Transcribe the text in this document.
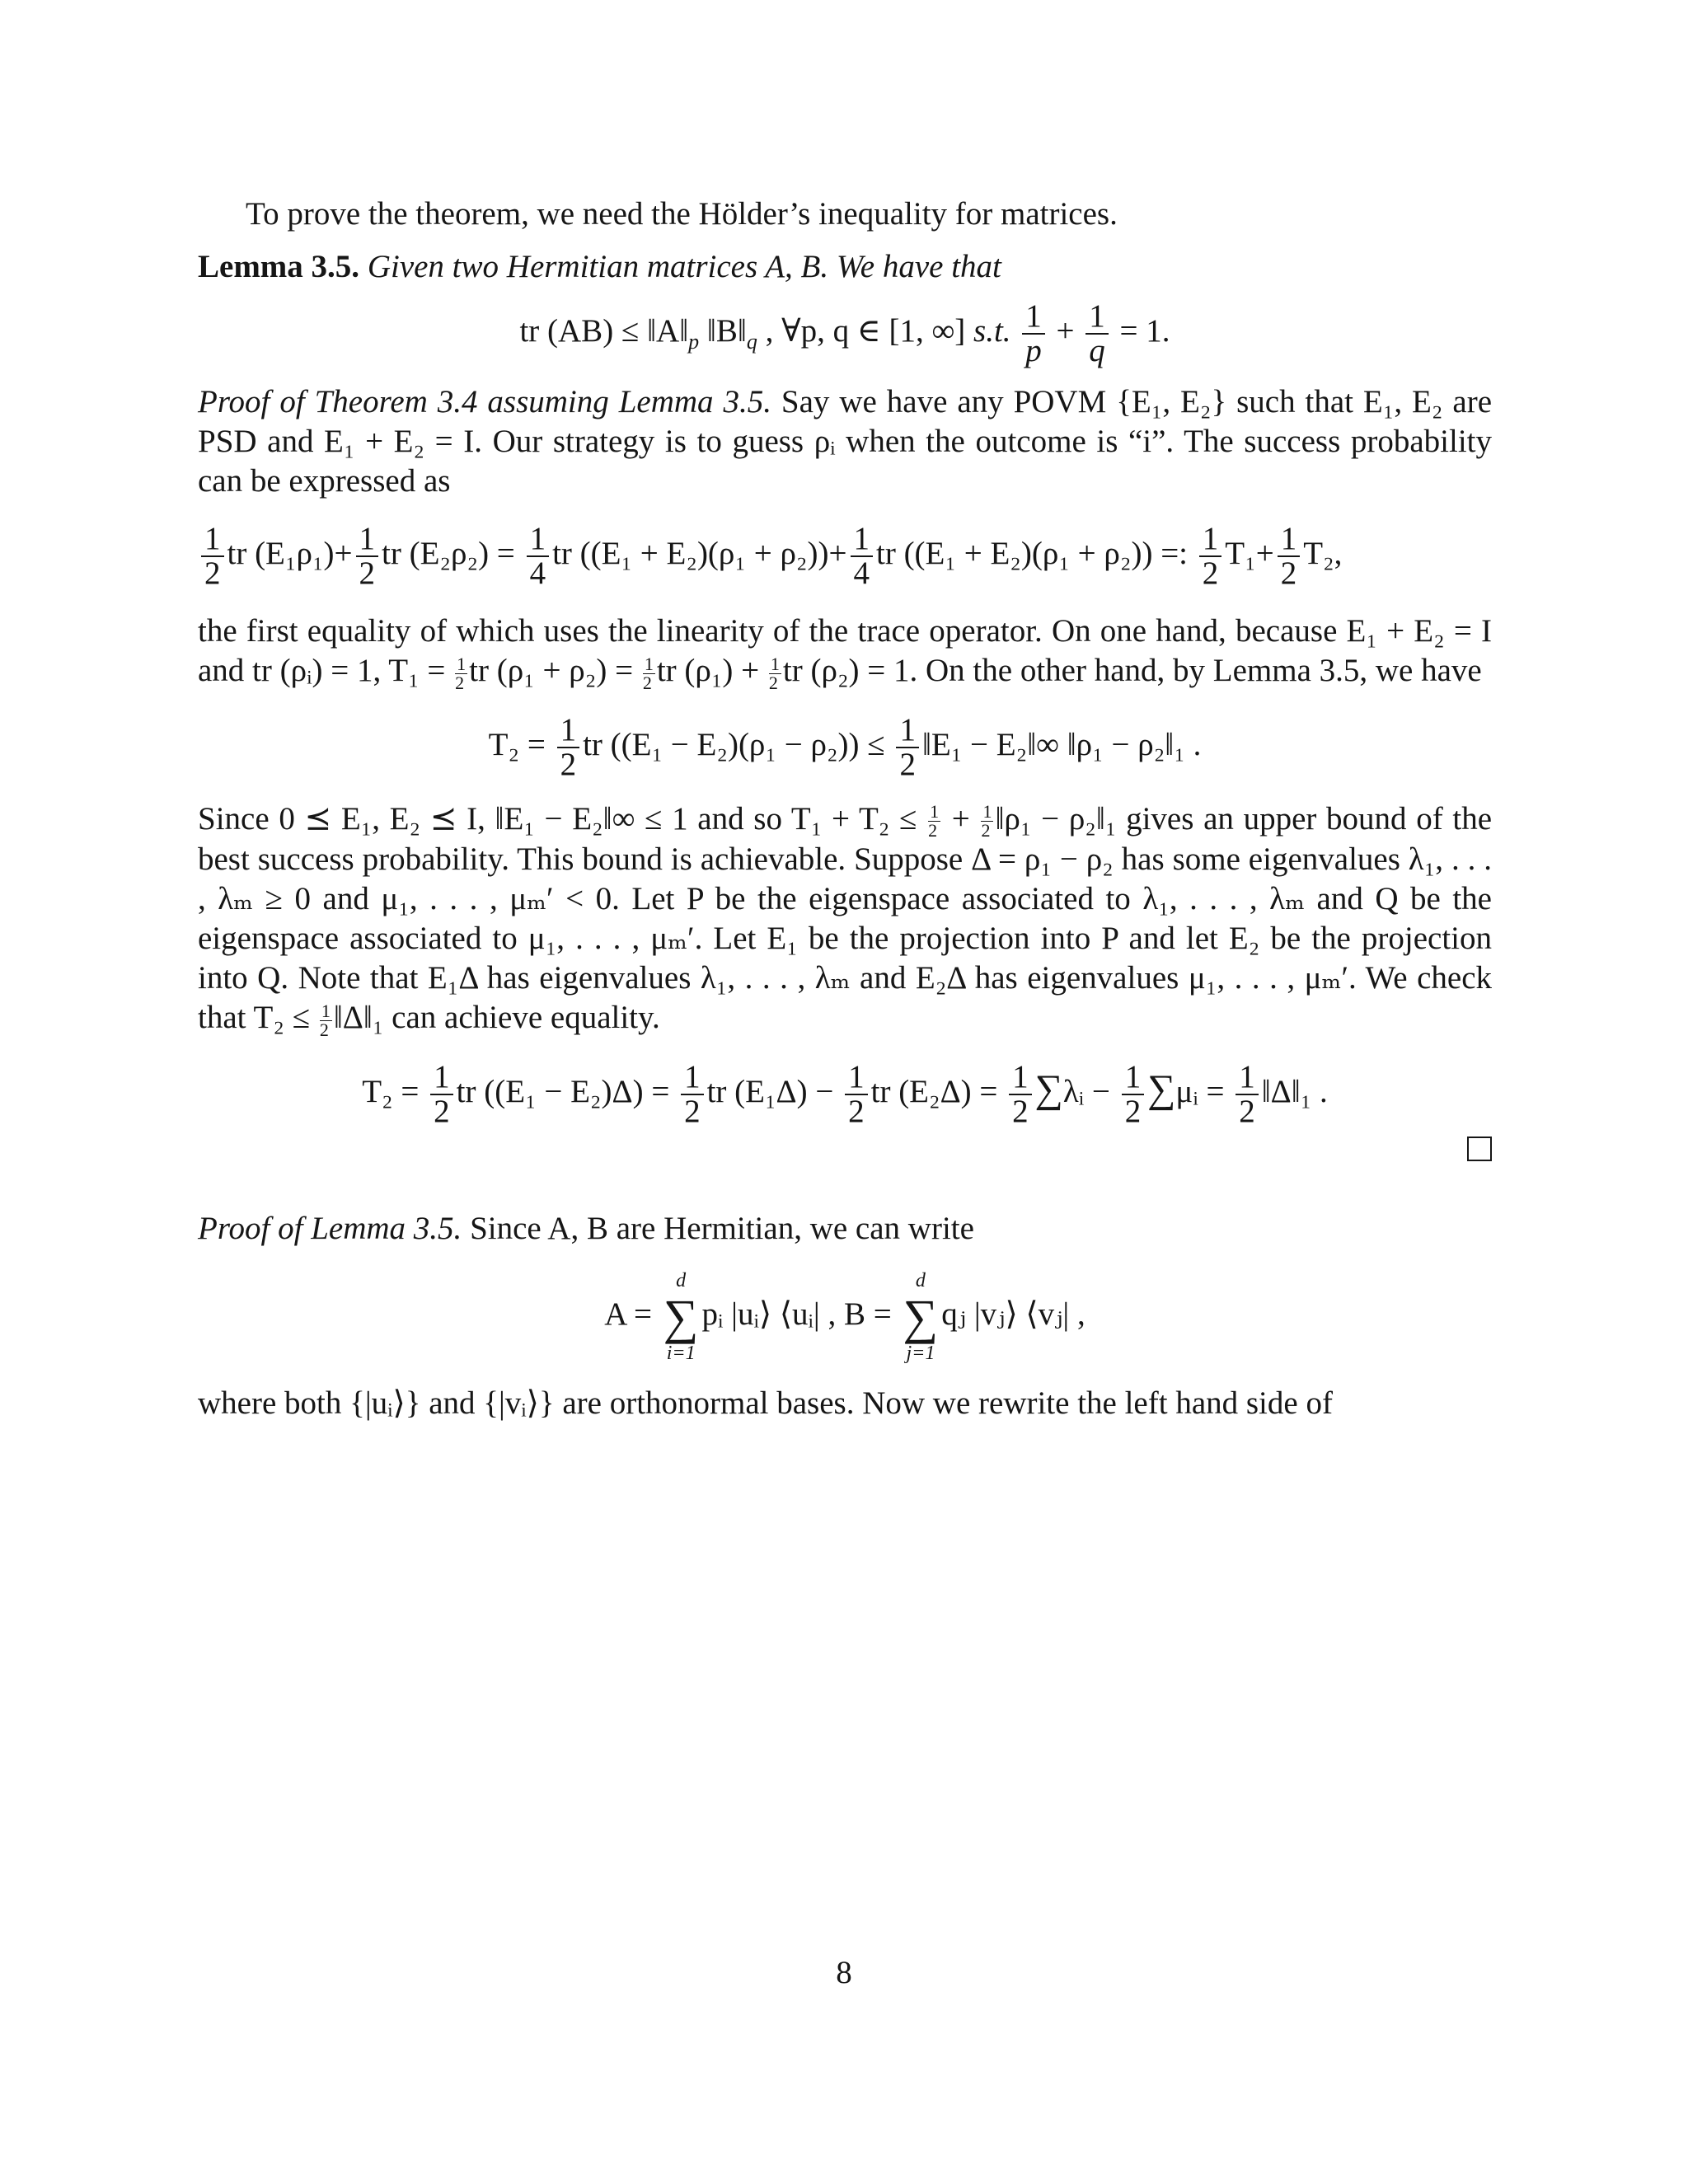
To prove the theorem, we need the Hölder’s inequality for matrices.

Lemma 3.5. Given two Hermitian matrices A, B. We have that

tr $(AB) \le ‖A‖_p$ $‖B‖_q$ , ∀p, q ∈ [1, ∞] s.t. $\frac{1}{p} + \frac{1}{q} = 1$.

Proof of Theorem 3.4 assuming Lemma 3.5. Say we have any POVM {E₁, E₂} such that E₁, E₂ are PSD and E₁ + E₂ = I. Our strategy is to guess ρᵢ when the outcome is “i”. The success probability can be expressed as

$\frac{1}{2}$ tr $(E_1\rho_1)+ \frac{1}{2}$ tr $(E_2\rho_2) = \frac{1}{4}$ tr $((E_1 + E_2)(\rho_1 + \rho_2))+ \frac{1}{4}$ tr ((E₁ + E₂)(ρ₁ + ρ₂)) =: $\frac{1}{2} T_1+ \frac{1}{2} T_2$,

the first equality of which uses the linearity of the trace operator. On one hand, because E₁ + E₂ = I and tr (ρᵢ) = 1, $T_1 = \frac{1}{2}$ tr $(\rho_1 + \rho_2) = \frac{1}{2}$ tr $(\rho_1) + \frac{1}{2}$ tr (ρ₂) = 1. On the other hand, by Lemma 3.5, we have

$T_2 = \frac{1}{2}$ tr $((E_1 - E_2)(\rho_1 - \rho_2)) \le \frac{1}{2}$ ‖E₁ − E₂‖∞ ‖ρ₁ − ρ₂‖₁ .

Since 0 ⪯ E₁, E₂ ⪯ I, ‖E₁ − E₂‖∞ ≤ 1 and so $T_1 + T_2 \le \frac{1}{2} + \frac{1}{2}$ ‖ρ₁ − ρ₂‖₁ gives an upper bound of the best success probability. This bound is achievable. Suppose Δ = ρ₁ − ρ₂ has some eigenvalues λ₁, . . . , λₘ ≥ 0 and μ₁, . . . , μₘ′ < 0. Let P be the eigenspace associated to λ₁, . . . , λₘ and Q be the eigenspace associated to μ₁, . . . , μₘ′. Let E₁ be the projection into P and let E₂ be the projection into Q. Note that E₁Δ has eigenvalues λ₁, . . . , λₘ and E₂Δ has eigenvalues μ₁, . . . , μₘ′. We check that $T_2 \le \frac{1}{2}$ ‖Δ‖₁ can achieve equality.

$T_2 = \frac{1}{2}$ tr $((E_1 - E_2)\Delta) = \frac{1}{2}$ tr $(E_1\Delta) - \frac{1}{2}$ tr $(E_2\Delta) = \frac{1}{2}$ ∑λᵢ − $\frac{1}{2}$ ∑μᵢ = $\frac{1}{2}$ ‖Δ‖₁ .

Proof of Lemma 3.5. Since A, B are Hermitian, we can write

A =
d
∑
i=1
pᵢ |uᵢ⟩ ⟨uᵢ| , B =
d
∑
j=1
qⱼ |vⱼ⟩ ⟨vⱼ| ,

where both {|uᵢ⟩} and {|vᵢ⟩} are orthonormal bases. Now we rewrite the left hand side of

8
